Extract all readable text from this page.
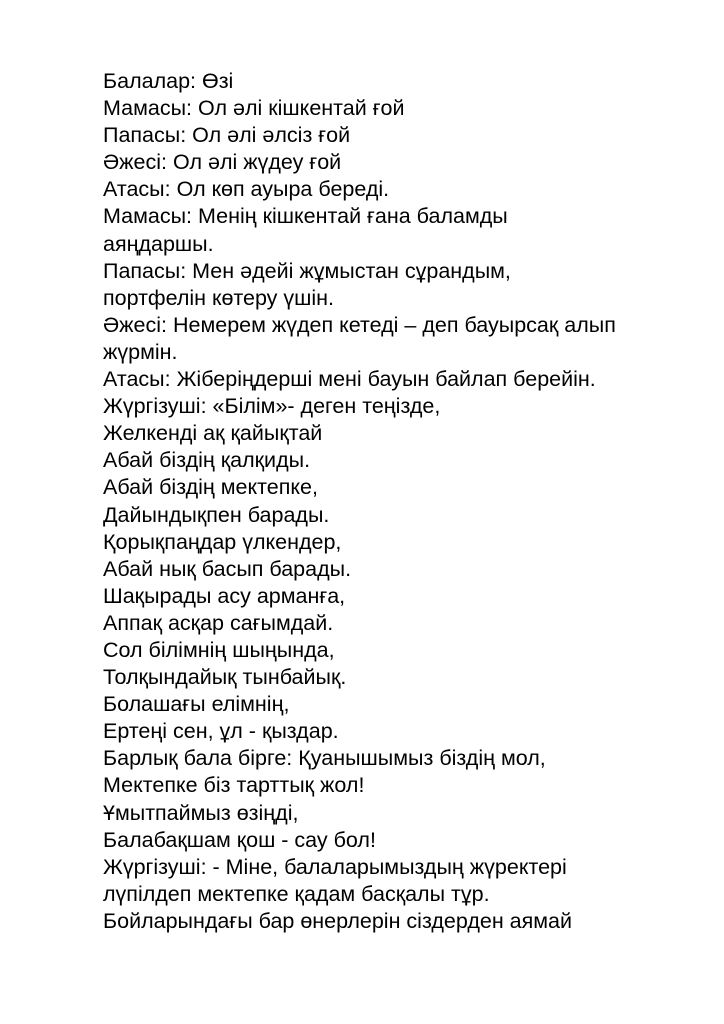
Балалар: Өзі
Мамасы: Ол әлі кішкентай ғой
Папасы: Ол әлі әлсіз ғой
Әжесі: Ол әлі жүдеу ғой
Атасы: Ол көп ауыра береді.
Мамасы: Менің кішкентай ғана баламды
аяңдаршы.
Папасы: Мен әдейі жұмыстан сұрандым,
портфелін көтеру үшін.
Әжесі: Немерем жүдеп кетеді – деп бауырсақ алып
жүрмін.
Атасы: Жіберіңдерші мені бауын байлап берейін.
Жүргізуші: «Білім»- деген теңізде,
Желкенді ақ қайықтай
Абай біздің қалқиды.
Абай біздің мектепке,
Дайындықпен барады.
Қорықпаңдар үлкендер,
Абай нық басып барады.
Шақырады асу арманға,
Аппақ асқар сағымдай.
Сол білімнің шыңында,
Толқындайық тынбайық.
Болашағы елімнің,
Ертеңі сен, ұл - қыздар.
Барлық бала бірге: Қуанышымыз біздің мол,
Мектепке біз тарттық жол!
Ұмытпаймыз өзіңді,
Балабақшам қош - сау бол!
Жүргізуші: - Міне, балаларымыздың жүректері
лүпілдеп мектепке қадам басқалы тұр.
Бойларындағы бар өнерлерін сіздерден аямай
